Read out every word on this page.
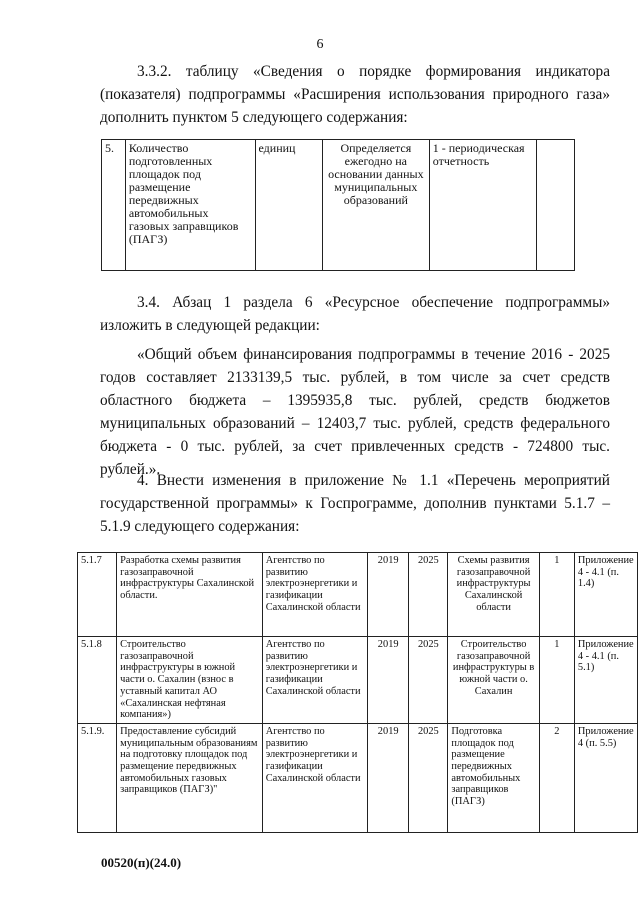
6

3.3.2. таблицу «Сведения о порядке формирования индикатора (показателя) подпрограммы «Расширения использования природного газа» дополнить пунктом 5 следующего содержания:

5.	Количество подготовленных площадок под размещение передвижных автомобильных газовых заправщиков (ПАГЗ)	единиц	Определяется ежегодно на основании данных муниципальных образований	1 - периодическая отчетность	

3.4. Абзац 1 раздела 6 «Ресурсное обеспечение подпрограммы» изложить в следующей редакции:

«Общий объем финансирования подпрограммы в течение 2016 - 2025 годов составляет 2133139,5 тыс. рублей, в том числе за счет средств областного бюджета – 1395935,8 тыс. рублей, средств бюджетов муниципальных образований – 12403,7 тыс. рублей, средств федерального бюджета - 0 тыс. рублей, за счет привлеченных средств - 724800 тыс. рублей.».

4. Внести изменения в приложение № 1.1 «Перечень мероприятий государственной программы» к Госпрограмме, дополнив пунктами 5.1.7 – 5.1.9 следующего содержания:

5.1.7	Разработка схемы развития газозаправочной инфраструктуры Сахалинской области.	Агентство по развитию электроэнергетики и газификации Сахалинской области	2019	2025	Схемы развития газозаправочной инфраструктуры Сахалинской области	1	Приложение 4 - 4.1 (п. 1.4)
5.1.8	Строительство газозаправочной инфраструктуры в южной части о. Сахалин (взнос в уставный капитал АО «Сахалинская нефтяная компания»)	Агентство по развитию электроэнергетики и газификации Сахалинской области	2019	2025	Строительство газозаправочной инфраструктуры в южной части о. Сахалин	1	Приложение 4 - 4.1 (п. 5.1)
5.1.9.	Предоставление субсидий муниципальным образованиям на подготовку площадок под размещение передвижных автомобильных газовых заправщиков (ПАГЗ)"	Агентство по развитию электроэнергетики и газификации Сахалинской области	2019	2025	Подготовка площадок под размещение передвижных автомобильных заправщиков (ПАГЗ)	2	Приложение 4 (п. 5.5)
00520(п)(24.0)
